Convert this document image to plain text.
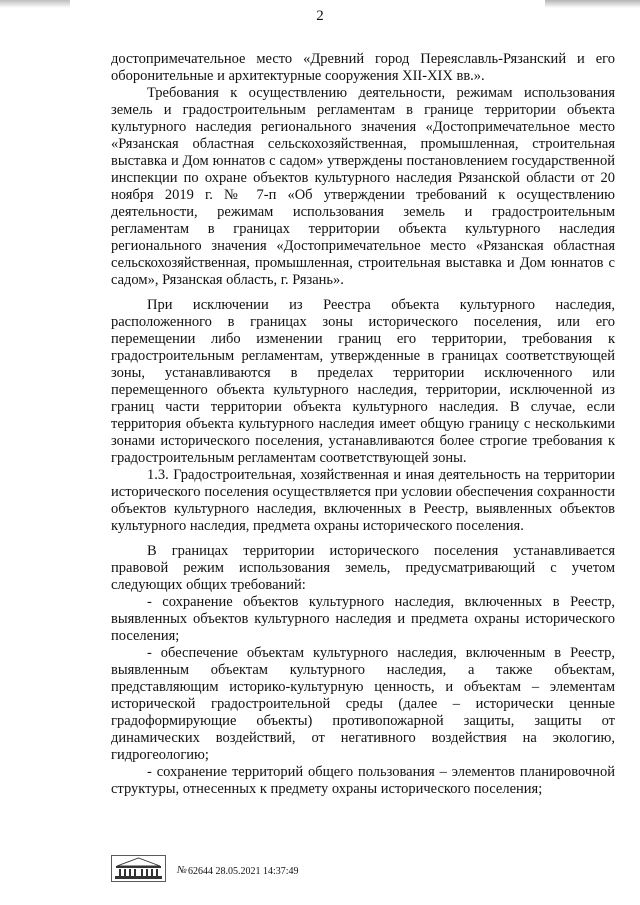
2

достопримечательное место «Древний город Переяславль-Рязанский и его оборонительные и архитектурные сооружения XII-XIX вв.».

Требования к осуществлению деятельности, режимам использования земель и градостроительным регламентам в границе территории объекта культурного наследия регионального значения «Достопримечательное место «Рязанская областная сельскохозяйственная, промышленная, строительная выставка и Дом юннатов с садом» утверждены постановлением государственной инспекции по охране объектов культурного наследия Рязанской области от 20 ноября 2019 г. № 7-п «Об утверждении требований к осуществлению деятельности, режимам использования земель и градостроительным регламентам в границах территории объекта культурного наследия регионального значения «Достопримечательное место «Рязанская областная сельскохозяйственная, промышленная, строительная выставка и Дом юннатов с садом», Рязанская область, г. Рязань».

При исключении из Реестра объекта культурного наследия, расположенного в границах зоны исторического поселения, или его перемещении либо изменении границ его территории, требования к градостроительным регламентам, утвержденные в границах соответствующей зоны, устанавливаются в пределах территории исключенного или перемещенного объекта культурного наследия, территории, исключенной из границ части территории объекта культурного наследия. В случае, если территория объекта культурного наследия имеет общую границу с несколькими зонами исторического поселения, устанавливаются более строгие требования к градостроительным регламентам соответствующей зоны.

1.3. Градостроительная, хозяйственная и иная деятельность на территории исторического поселения осуществляется при условии обеспечения сохранности объектов культурного наследия, включенных в Реестр, выявленных объектов культурного наследия, предмета охраны исторического поселения.

В границах территории исторического поселения устанавливается правовой режим использования земель, предусматривающий с учетом следующих общих требований:

- сохранение объектов культурного наследия, включенных в Реестр, выявленных объектов культурного наследия и предмета охраны исторического поселения;

- обеспечение объектам культурного наследия, включенным в Реестр, выявленным объектам культурного наследия, а также объектам, представляющим историко-культурную ценность, и объектам – элементам исторической градостроительной среды (далее – исторически ценные градоформирующие объекты) противопожарной защиты, защиты от динамических воздействий, от негативного воздействия на экологию, гидрогеологию;

- сохранение территорий общего пользования – элементов планировочной структуры, отнесенных к предмету охраны исторического поселения;

№ 62644 28.05.2021 14:37:49
